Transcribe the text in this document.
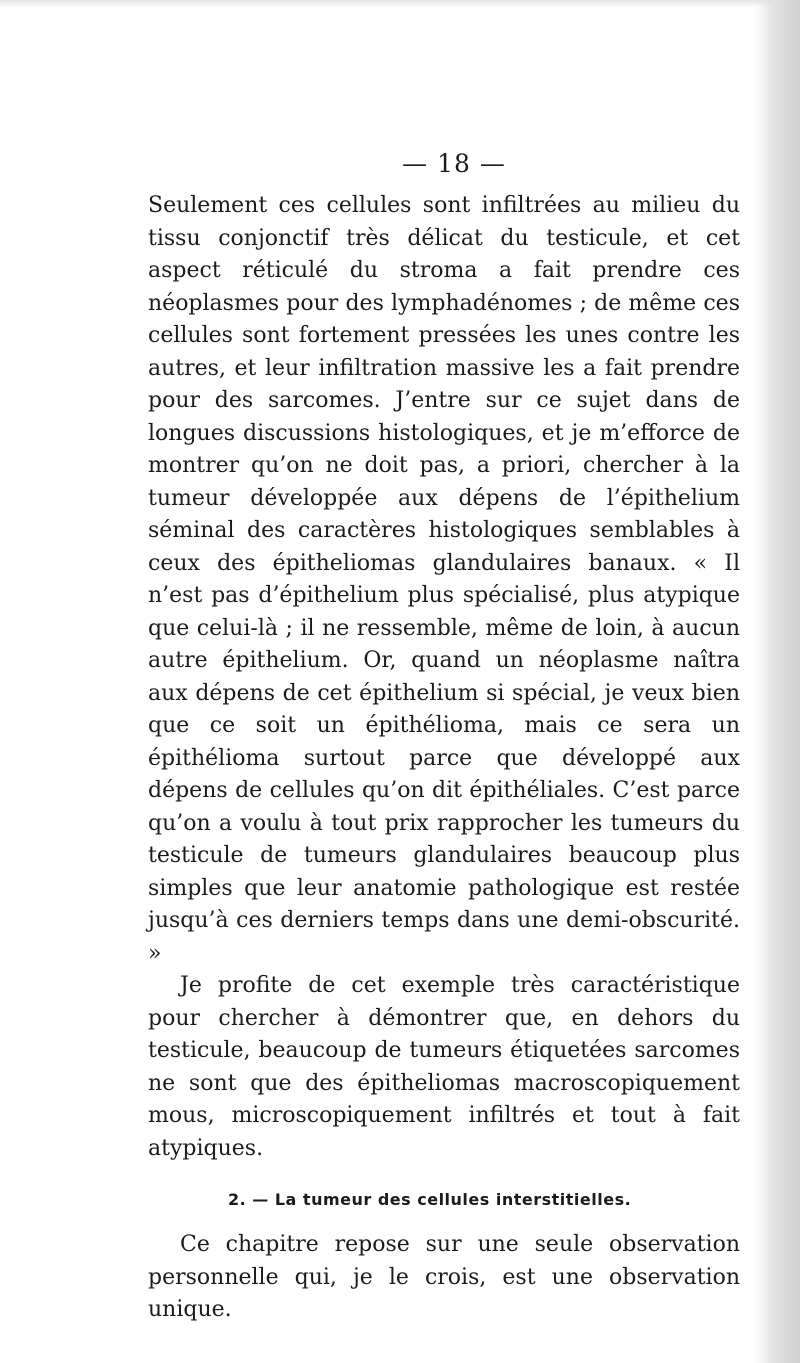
— 18 —

Seulement ces cellules sont infiltrées au milieu du tissu conjonctif très délicat du testicule, et cet aspect réticulé du stroma a fait prendre ces néoplasmes pour des lymphadénomes ; de même ces cellules sont fortement pressées les unes contre les autres, et leur infiltration massive les a fait prendre pour des sarcomes. J’entre sur ce sujet dans de longues discussions histologiques, et je m’efforce de montrer qu’on ne doit pas, a priori, chercher à la tumeur développée aux dépens de l’épithelium séminal des caractères histologiques semblables à ceux des épitheliomas glandulaires banaux. « Il n’est pas d’épithelium plus spécialisé, plus atypique que celui-là ; il ne ressemble, même de loin, à aucun autre épithelium. Or, quand un néoplasme naîtra aux dépens de cet épithelium si spécial, je veux bien que ce soit un épithélioma, mais ce sera un épithélioma surtout parce que développé aux dépens de cellules qu’on dit épithéliales. C’est parce qu’on a voulu à tout prix rapprocher les tumeurs du testicule de tumeurs glandulaires beaucoup plus simples que leur anatomie pathologique est restée jusqu’à ces derniers temps dans une demi-obscurité. »

Je profite de cet exemple très caractéristique pour chercher à démontrer que, en dehors du testicule, beaucoup de tumeurs étiquetées sarcomes ne sont que des épitheliomas macroscopiquement mous, microscopiquement infiltrés et tout à fait atypiques.

2. — La tumeur des cellules interstitielles.

Ce chapitre repose sur une seule observation personnelle qui, je le crois, est une observation unique.
